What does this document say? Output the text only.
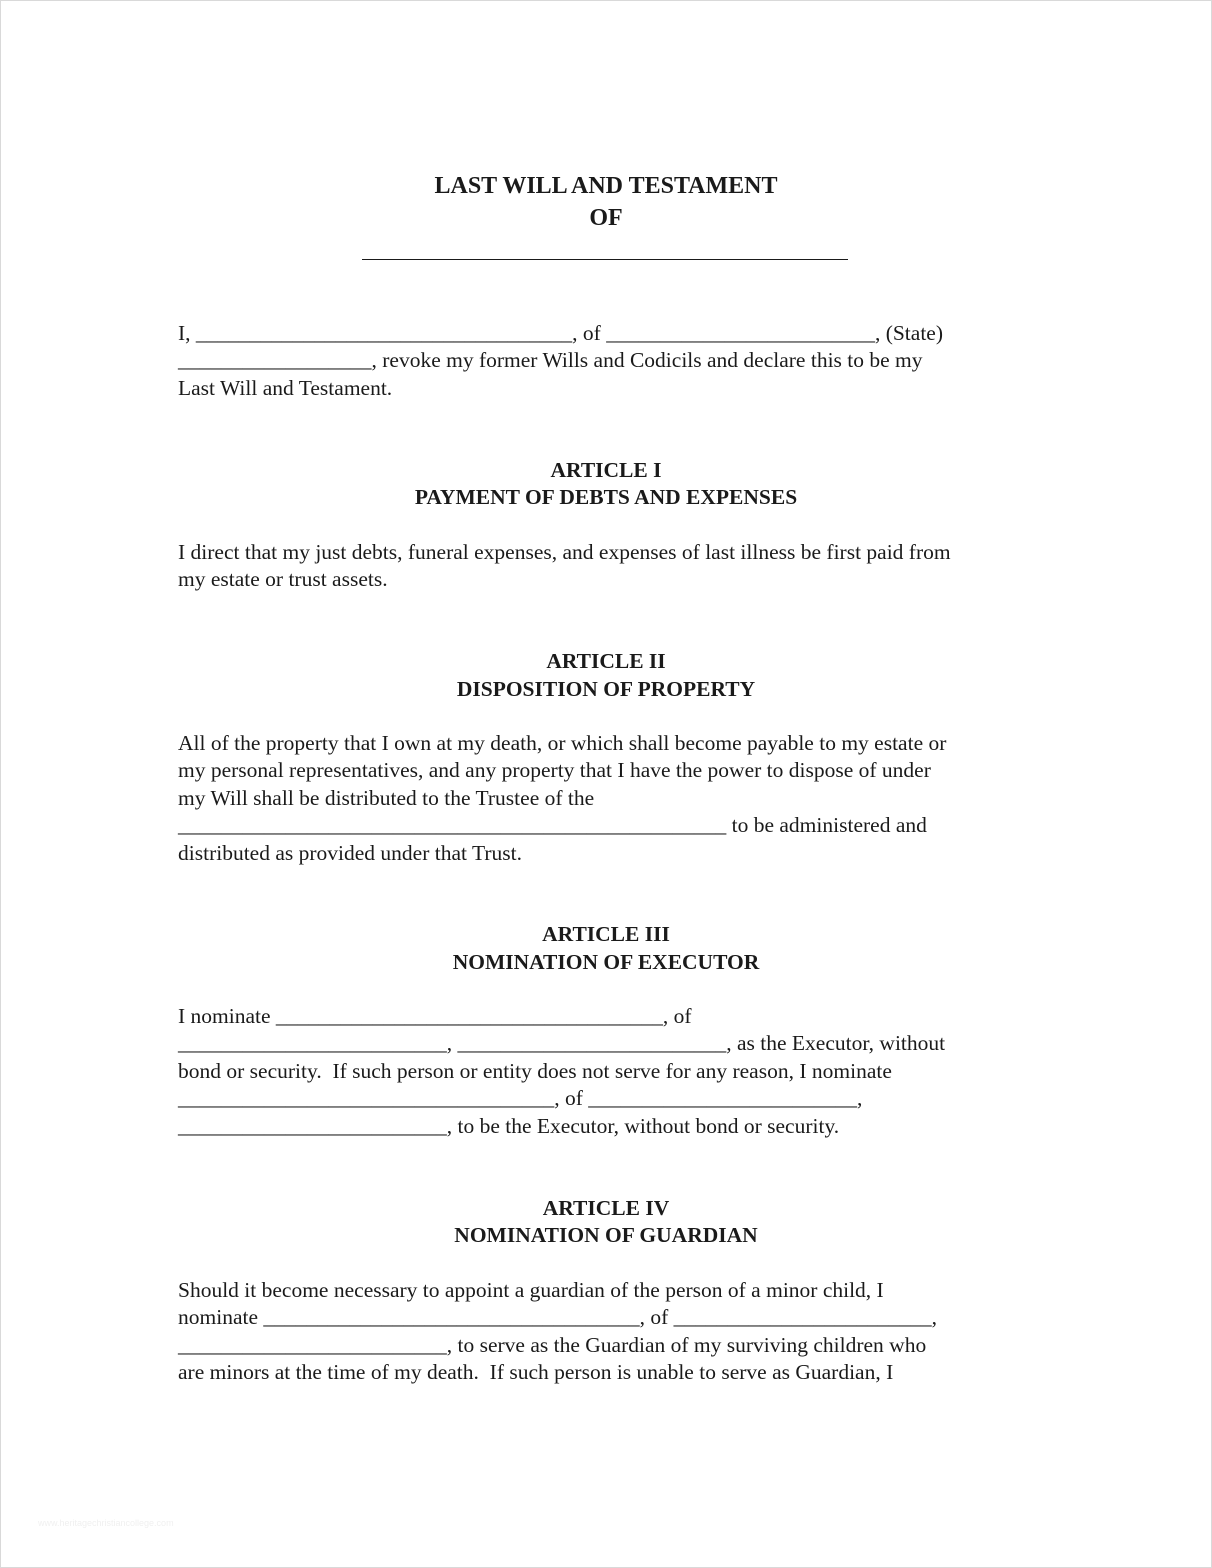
LAST WILL AND TESTAMENT
OF
I, ___________________________________, of _________________________, (State)
__________________, revoke my former Wills and Codicils and declare this to be my
Last Will and Testament.
ARTICLE I
PAYMENT OF DEBTS AND EXPENSES
I direct that my just debts, funeral expenses, and expenses of last illness be first paid from
my estate or trust assets.
ARTICLE II
DISPOSITION OF PROPERTY
All of the property that I own at my death, or which shall become payable to my estate or
my personal representatives, and any property that I have the power to dispose of under
my Will shall be distributed to the Trustee of the
___________________________________________________ to be administered and
distributed as provided under that Trust.
ARTICLE III
NOMINATION OF EXECUTOR
I nominate ____________________________________, of
_________________________, _________________________, as the Executor, without
bond or security.  If such person or entity does not serve for any reason, I nominate
___________________________________, of _________________________,
_________________________, to be the Executor, without bond or security.
ARTICLE IV
NOMINATION OF GUARDIAN
Should it become necessary to appoint a guardian of the person of a minor child, I
nominate ___________________________________, of ________________________,
_________________________, to serve as the Guardian of my surviving children who
are minors at the time of my death.  If such person is unable to serve as Guardian, I
www.heritagechristiancollege.com
